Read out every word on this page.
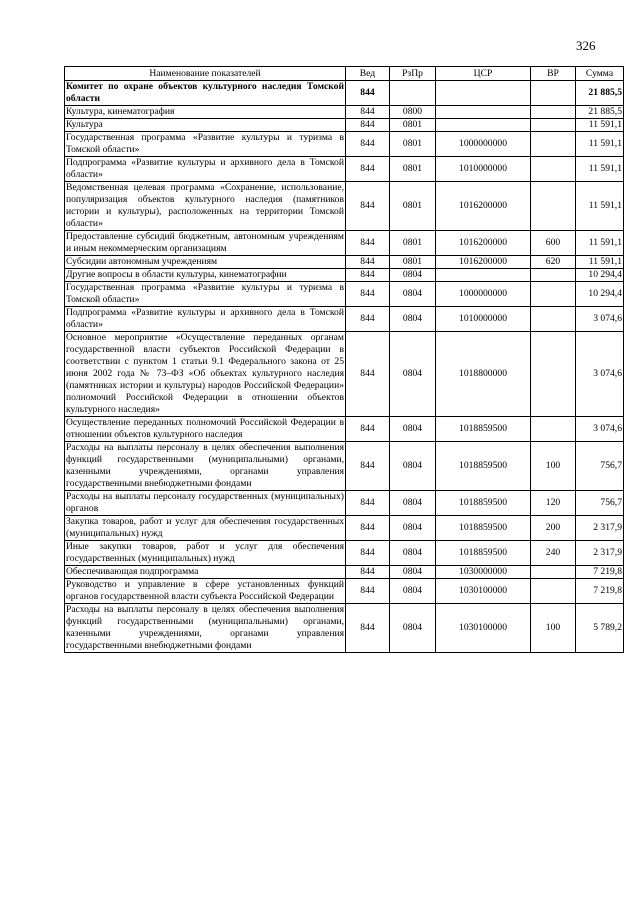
326
Наименование показателей	Вед	РзПр	ЦСР	ВР	Сумма
Комитет по охране объектов культурного наследия Томской области	844				21 885,5
Культура, кинематография	844	0800			21 885,5
Культура	844	0801			11 591,1
Государственная программа «Развитие культуры и туризма в Томской области»	844	0801	1000000000		11 591,1
Подпрограмма «Развитие культуры и архивного дела в Томской области»	844	0801	1010000000		11 591,1
Ведомственная целевая программа «Сохранение, использование, популяризация объектов культурного наследия (памятников истории и культуры), расположенных на территории Томской области»	844	0801	1016200000		11 591,1
Предоставление субсидий бюджетным, автономным учреждениям и иным некоммерческим организациям	844	0801	1016200000	600	11 591,1
Субсидии автономным учреждениям	844	0801	1016200000	620	11 591,1
Другие вопросы в области культуры, кинематографии	844	0804			10 294,4
Государственная программа «Развитие культуры и туризма в Томской области»	844	0804	1000000000		10 294,4
Подпрограмма «Развитие культуры и архивного дела в Томской области»	844	0804	1010000000		3 074,6
Основное мероприятие «Осуществление переданных органам государственной власти субъектов Российской Федерации в соответствии с пунктом 1 статьи 9.1 Федерального закона от 25 июня 2002 года № 73–ФЗ «Об объектах культурного наследия (памятниках истории и культуры) народов Российской Федерации» полномочий Российской Федерации в отношении объектов культурного наследия»	844	0804	1018800000		3 074,6
Осуществление переданных полномочий Российской Федерации в отношении объектов культурного наследия	844	0804	1018859500		3 074,6
Расходы на выплаты персоналу в целях обеспечения выполнения функций государственными (муниципальными) органами, казенными учреждениями, органами управления государственными внебюджетными фондами	844	0804	1018859500	100	756,7
Расходы на выплаты персоналу государственных (муниципальных) органов	844	0804	1018859500	120	756,7
Закупка товаров, работ и услуг для обеспечения государственных (муниципальных) нужд	844	0804	1018859500	200	2 317,9
Иные закупки товаров, работ и услуг для обеспечения государственных (муниципальных) нужд	844	0804	1018859500	240	2 317,9
Обеспечивающая подпрограмма	844	0804	1030000000		7 219,8
Руководство и управление в сфере установленных функций органов государственной власти субъекта Российской Федерации	844	0804	1030100000		7 219,8
Расходы на выплаты персоналу в целях обеспечения выполнения функций государственными (муниципальными) органами, казенными учреждениями, органами управления государственными внебюджетными фондами	844	0804	1030100000	100	5 789,2
